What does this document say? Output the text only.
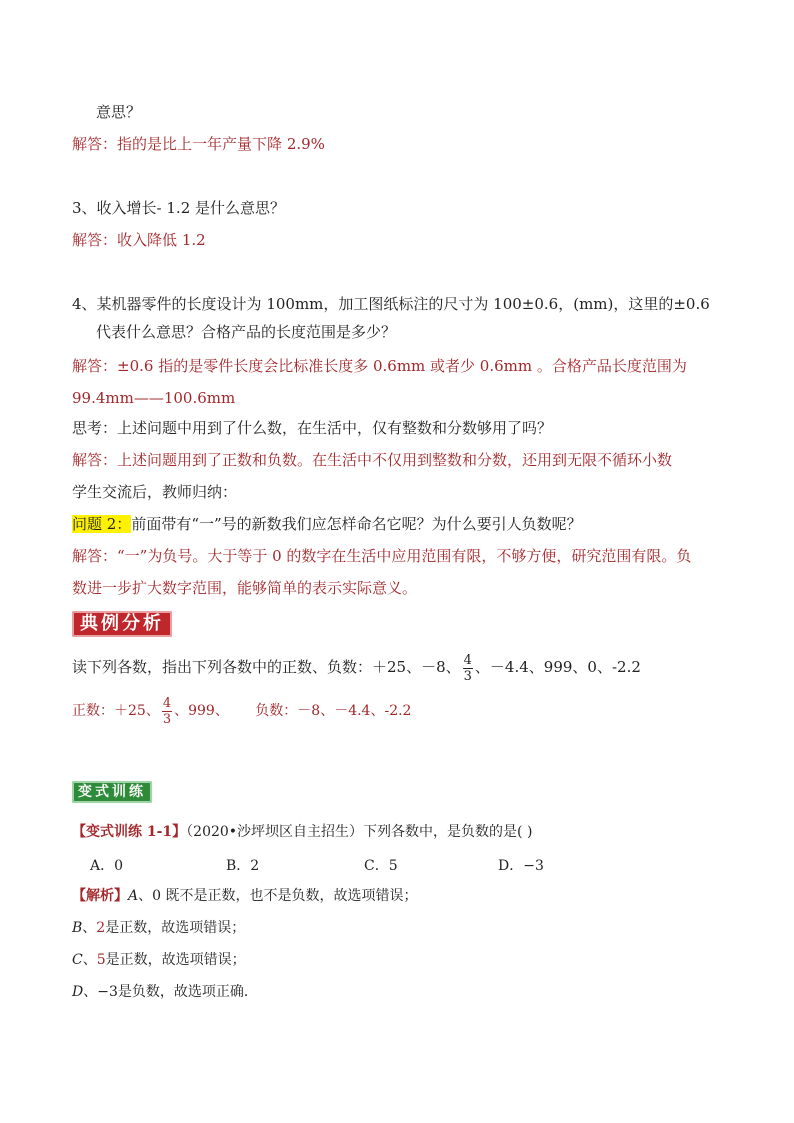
意思？
解答：指的是比上一年产量下降 2.9%
3、收入增长- 1.2 是什么意思？
解答：收入降低 1.2
4、某机器零件的长度设计为 100mm，加工图纸标注的尺寸为 100±0.6，(mm)，这里的±0.6
代表什么意思？合格产品的长度范围是多少？
解答：±0.6 指的是零件长度会比标准长度多 0.6mm 或者少 0.6mm 。合格产品长度范围为
99.4mm——100.6mm
思考：上述问题中用到了什么数，在生活中，仅有整数和分数够用了吗？
解答：上述问题用到了正数和负数。在生活中不仅用到整数和分数，还用到无限不循环小数
学生交流后，教师归纳：
问题 2：前面带有“一”号的新数我们应怎样命名它呢？为什么要引人负数呢？
解答：“一”为负号。大于等于 0 的数字在生活中应用范围有限，不够方便，研究范围有限。负
数进一步扩大数字范围，能够简单的表示实际意义。
典例分析
读下列各数，指出下列各数中的正数、负数：＋25、－8、 $\frac{4}{3}$ 、－4.4、999、0、-2.2
正数：＋25、 $\frac{4}{3}$ 、999、 负数：－8、－4.4、-2.2
变式训练
【变式训练 1-1】（2020•沙坪坝区自主招生）下列各数中，是负数的是( )
A．0	B．2	C．5	D．−3
【解析】A、0 既不是正数，也不是负数，故选项错误；
B、2是正数，故选项错误；
C、5是正数，故选项错误；
D、−3是负数，故选项正确．
